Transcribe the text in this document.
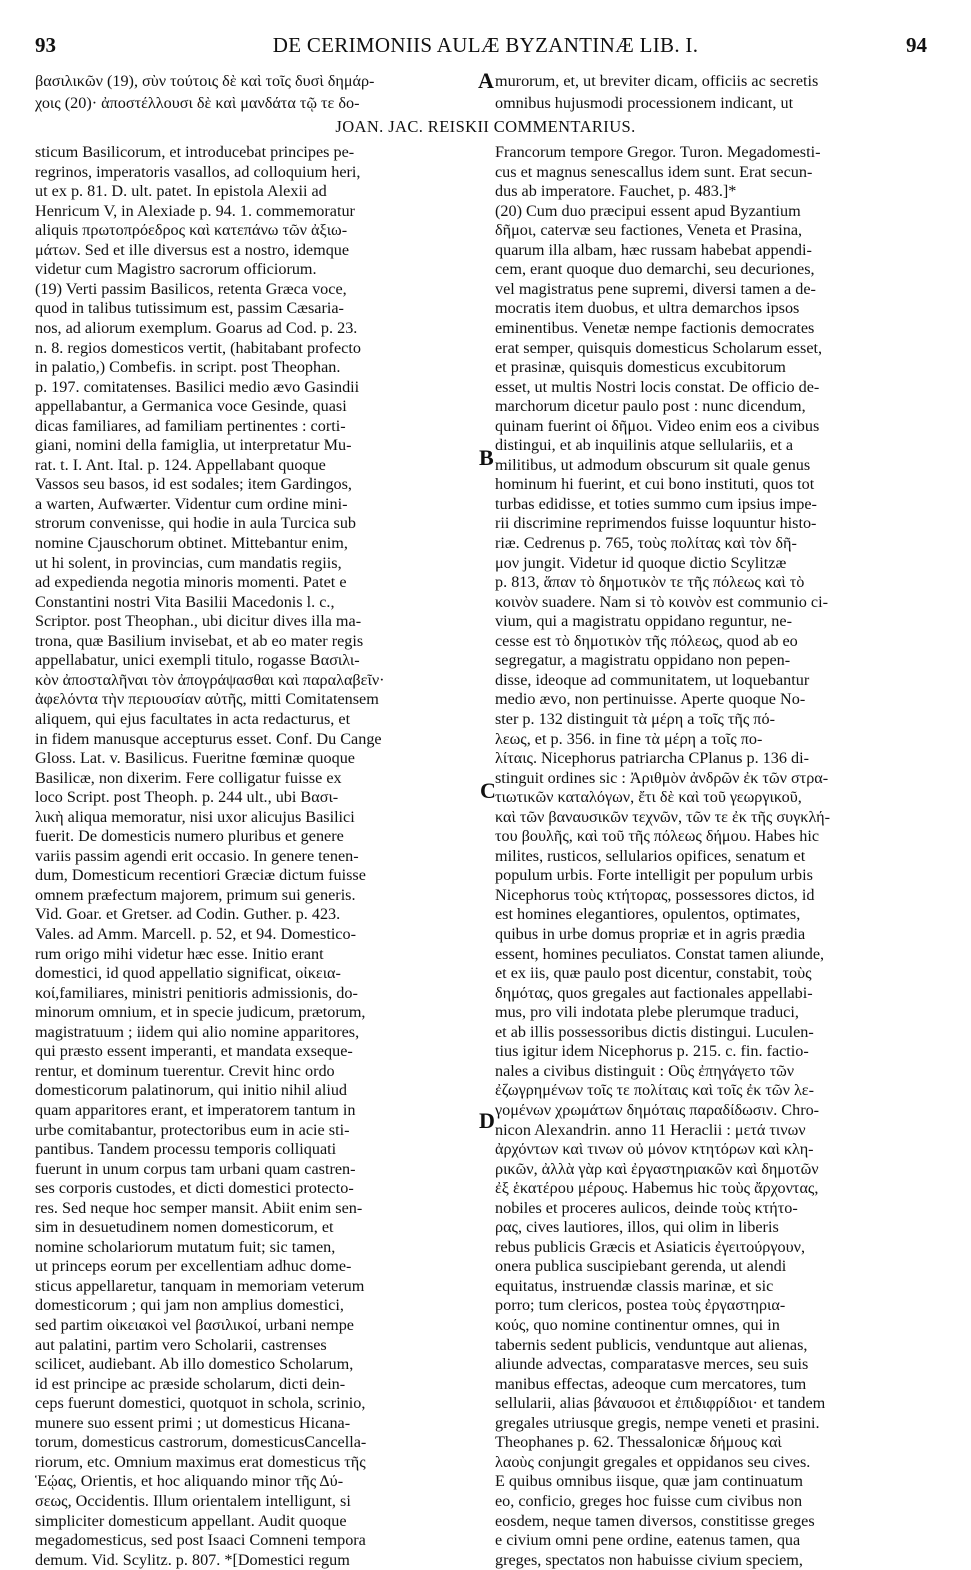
93	DE CERIMONIIS AULÆ BYZANTINÆ LIB. I.	94
βασιλικῶν (19), σὺν τούτοις δὲ καὶ τοῖς δυσὶ δημάρ-
χοις (20)· ἀποστέλλουσι δὲ καὶ μανδάτα τῷ τε δο-
murorum, et, ut breviter dicam, officiis ac secretis
omnibus hujusmodi processionem indicant, ut
JOAN. JAC. REISKII COMMENTARIUS.
sticum Basilicorum, et introducebat principes pe-
regrinos, imperatoris vasallos, ad colloquium heri,
ut ex p. 81. D. ult. patet. In epistola Alexii ad
Henricum V, in Alexiade p. 94. 1. commemoratur
aliquis πρωτοπρόεδρος καὶ κατεπάνω τῶν ἀξιω-
μάτων. Sed et ille diversus est a nostro, idemque
videtur cum Magistro sacrorum officiorum.
(19) Verti passim Basilicos, retenta Græca voce,
quod in talibus tutissimum est, passim Cæsaria-
nos, ad aliorum exemplum. Goarus ad Cod. p. 23.
n. 8. regios domesticos vertit, (habitabant profecto
in palatio,) Combefis. in script. post Theophan.
p. 197. comitatenses. Basilici medio ævo Gasindii
appellabantur, a Germanica voce Gesinde, quasi
dicas familiares, ad familiam pertinentes : corti-
giani, nomini della famiglia, ut interpretatur Mu-
rat. t. I. Ant. Ital. p. 124. Appellabant quoque
Vassos seu basos, id est sodales; item Gardingos,
a warten, Aufwærter. Videntur cum ordine mini-
strorum convenisse, qui hodie in aula Turcica sub
nomine Cjauschorum obtinet. Mittebantur enim,
ut hi solent, in provincias, cum mandatis regiis,
ad expedienda negotia minoris momenti. Patet e
Constantini nostri Vita Basilii Macedonis l. c.,
Scriptor. post Theophan., ubi dicitur dives illa ma-
trona, quæ Basilium invisebat, et ab eo mater regis
appellabatur, unici exempli titulo, rogasse Βασιλι-
κὸν ἀποσταλῆναι τὸν ἀπογράψασθαι καὶ παραλαβεῖν·
ἀφελόντα τὴν περιουσίαν αὐτῆς, mitti Comitatensem
aliquem, qui ejus facultates in acta redacturus, et
in fidem manusque accepturus esset. Conf. Du Cange
Gloss. Lat. v. Basilicus. Fueritne fœminæ quoque
Basilicæ, non dixerim. Fere colligatur fuisse ex
loco Script. post Theoph. p. 244 ult., ubi Βασι-
λικὴ aliqua memoratur, nisi uxor alicujus Basilici
fuerit. De domesticis numero pluribus et genere
variis passim agendi erit occasio. In genere tenen-
dum, Domesticum recentiori Græciæ dictum fuisse
omnem præfectum majorem, primum sui generis.
Vid. Goar. et Gretser. ad Codin. Guther. p. 423.
Vales. ad Amm. Marcell. p. 52, et 94. Domestico-
rum origo mihi videtur hæc esse. Initio erant
domestici, id quod appellatio significat, οἰκεια-
κοί,familiares, ministri penitioris admissionis, do-
minorum omnium, et in specie judicum, prætorum,
magistratuum ; iidem qui alio nomine apparitores,
qui præsto essent imperanti, et mandata exseque-
rentur, et dominum tuerentur. Crevit hinc ordo
domesticorum palatinorum, qui initio nihil aliud
quam apparitores erant, et imperatorem tantum in
urbe comitabantur, protectoribus eum in acie sti-
pantibus. Tandem processu temporis colliquati
fuerunt in unum corpus tam urbani quam castren-
ses corporis custodes, et dicti domestici protecto-
res. Sed neque hoc semper mansit. Abiit enim sen-
sim in desuetudinem nomen domesticorum, et
nomine scholariorum mutatum fuit; sic tamen,
ut princeps eorum per excellentiam adhuc dome-
sticus appellaretur, tanquam in memoriam veterum
domesticorum ; qui jam non amplius domestici,
sed partim οἰκειακοὶ vel βασιλικοί, urbani nempe
aut palatini, partim vero Scholarii, castrenses
scilicet, audiebant. Ab illo domestico Scholarum,
id est principe ac præside scholarum, dicti dein-
ceps fuerunt domestici, quotquot in schola, scrinio,
munere suo essent primi ; ut domesticus Hicana-
torum, domesticus castrorum, domesticusCancella-
riorum, etc. Omnium maximus erat domesticus τῆς
Ἑῴας, Orientis, et hoc aliquando minor τῆς Δύ-
σεως, Occidentis. Illum orientalem intelligunt, si
simpliciter domesticum appellant. Audit quoque
megadomesticus, sed post Isaaci Comneni tempora
demum. Vid. Scylitz. p. 807. *[Domestici regum
Francorum tempore Gregor. Turon. Megadomesti-
cus et magnus senescallus idem sunt. Erat secun-
dus ab imperatore. Fauchet, p. 483.]*
(20) Cum duo præcipui essent apud Byzantium
δῆμοι, catervæ seu factiones, Veneta et Prasina,
quarum illa albam, hæc russam habebat appendi-
cem, erant quoque duo demarchi, seu decuriones,
vel magistratus pene supremi, diversi tamen a de-
mocratis item duobus, et ultra demarchos ipsos
eminentibus. Venetæ nempe factionis democrates
erat semper, quisquis domesticus Scholarum esset,
et prasinæ, quisquis domesticus excubitorum
esset, ut multis Nostri locis constat. De officio de-
marchorum dicetur paulo post : nunc dicendum,
quinam fuerint οἱ δῆμοι. Video enim eos a civibus
distingui, et ab inquilinis atque sellulariis, et a
militibus, ut admodum obscurum sit quale genus
hominum hi fuerint, et cui bono instituti, quos tot
turbas edidisse, et toties summo cum ipsius impe-
rii discrimine reprimendos fuisse loquuntur histo-
riæ. Cedrenus p. 765, τοὺς πολίτας καὶ τὸν δῆ-
μον jungit. Videtur id quoque dictio Scylitzæ
p. 813, ἅπαν τὸ δημοτικὸν τε τῆς πόλεως καὶ τὸ
κοινὸν suadere. Nam si τὸ κοινὸν est communio ci-
vium, qui a magistratu oppidano reguntur, ne-
cesse est τὸ δημοτικὸν τῆς πόλεως, quod ab eo
segregatur, a magistratu oppidano non pepen-
disse, ideoque ad communitatem, ut loquebantur
medio ævo, non pertinuisse. Aperte quoque No-
ster p. 132 distinguit τὰ μέρη a τοῖς τῆς πό-
λεως, et p. 356. in fine τὰ μέρη a τοῖς πο-
λίταις. Nicephorus patriarcha CPlanus p. 136 di-
stinguit ordines sic : Ἀριθμὸν ἀνδρῶν ἐκ τῶν στρα-
τιωτικῶν καταλόγων, ἔτι δὲ καὶ τοῦ γεωργικοῦ,
καὶ τῶν βαναυσικῶν τεχνῶν, τῶν τε ἐκ τῆς συγκλή-
του βουλῆς, καὶ τοῦ τῆς πόλεως δήμου. Habes hic
milites, rusticos, sellularios opifices, senatum et
populum urbis. Forte intelligit per populum urbis
Nicephorus τοὺς κτήτορας, possessores dictos, id
est homines elegantiores, opulentos, optimates,
quibus in urbe domus propriæ et in agris prædia
essent, homines peculiatos. Constat tamen aliunde,
et ex iis, quæ paulo post dicentur, constabit, τοὺς
δημότας, quos gregales aut factionales appellabi-
mus, pro vili indotata plebe plerumque traduci,
et ab illis possessoribus dictis distingui. Luculen-
tius igitur idem Nicephorus p. 215. c. fin. factio-
nales a civibus distinguit : Οὓς ἐπηγάγετο τῶν
ἐζωγρημένων τοῖς τε πολίταις καὶ τοῖς ἐκ τῶν λε-
γομένων χρωμάτων δημόταις παραδίδωσιν. Chro-
nicon Alexandrin. anno 11 Heraclii : μετά τινων
ἀρχόντων καὶ τινων οὐ μόνον κτητόρων καὶ κλη-
ρικῶν, ἀλλὰ γὰρ καὶ ἐργαστηριακῶν καὶ δημοτῶν
ἐξ ἑκατέρου μέρους. Habemus hic τοὺς ἄρχοντας,
nobiles et proceres aulicos, deinde τοὺς κτήτο-
ρας, cives lautiores, illos, qui olim in liberis
rebus publicis Græcis et Asiaticis ἐγειτούργουν,
onera publica suscipiebant gerenda, ut alendi
equitatus, instruendæ classis marinæ, et sic
porro; tum clericos, postea τοὺς ἐργαστηρια-
κούς, quo nomine continentur omnes, qui in
tabernis sedent publicis, venduntque aut alienas,
aliunde advectas, comparatasve merces, seu suis
manibus effectas, adeoque cum mercatores, tum
sellularii, alias βάναυσοι et ἐπιδιφρίδιοι· et tandem
gregales utriusque gregis, nempe veneti et prasini.
Theophanes p. 62. Thessalonicæ δήμους καὶ
λαοὺς conjungit gregales et oppidanos seu cives.
E quibus omnibus iisque, quæ jam continuatum
eo, conficio, greges hoc fuisse cum civibus non
eosdem, neque tamen diversos, constitisse greges
e civium omni pene ordine, eatenus tamen, qua
greges, spectatos non habuisse civium speciem,
A
B
C
D
